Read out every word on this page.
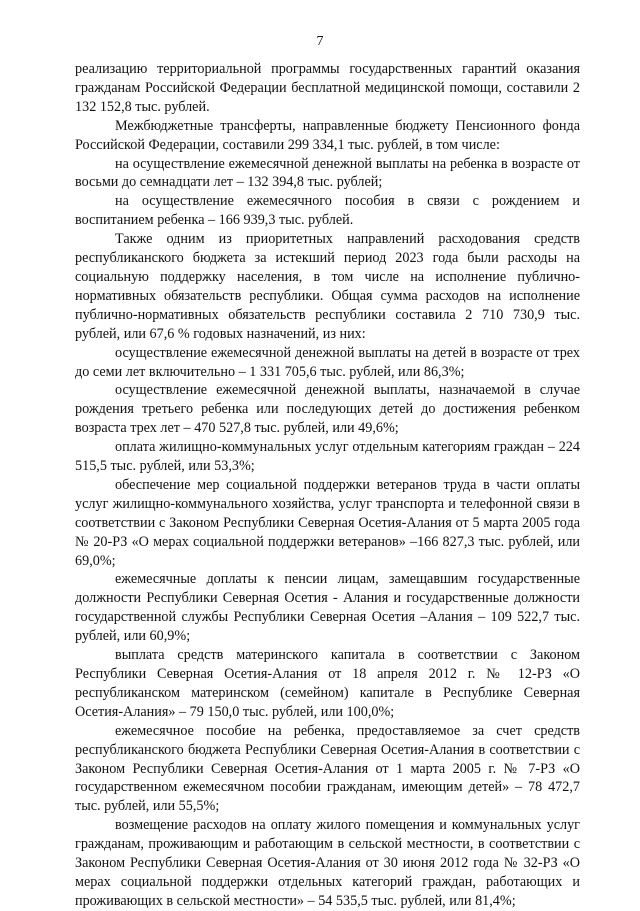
7

реализацию территориальной программы государственных гарантий оказания гражданам Российской Федерации бесплатной медицинской помощи, составили 2 132 152,8 тыс. рублей.

Межбюджетные трансферты, направленные бюджету Пенсионного фонда Российской Федерации, составили 299 334,1 тыс. рублей, в том числе:

на осуществление ежемесячной денежной выплаты на ребенка в возрасте от восьми до семнадцати лет – 132 394,8 тыс. рублей;

на осуществление ежемесячного пособия в связи с рождением и воспитанием ребенка – 166 939,3 тыс. рублей.

Также одним из приоритетных направлений расходования средств республиканского бюджета за истекший период 2023 года были расходы на социальную поддержку населения, в том числе на исполнение публично-нормативных обязательств республики. Общая сумма расходов на исполнение публично-нормативных обязательств республики составила 2 710 730,9 тыс. рублей, или 67,6 % годовых назначений, из них:

осуществление ежемесячной денежной выплаты на детей в возрасте от трех до семи лет включительно – 1 331 705,6 тыс. рублей, или 86,3%;

осуществление ежемесячной денежной выплаты, назначаемой в случае рождения третьего ребенка или последующих детей до достижения ребенком возраста трех лет – 470 527,8 тыс. рублей, или 49,6%;

оплата жилищно-коммунальных услуг отдельным категориям граждан – 224 515,5 тыс. рублей, или 53,3%;

обеспечение мер социальной поддержки ветеранов труда в части оплаты услуг жилищно-коммунального хозяйства, услуг транспорта и телефонной связи в соответствии с Законом Республики Северная Осетия-Алания от 5 марта 2005 года № 20-РЗ «О мерах социальной поддержки ветеранов» –166 827,3 тыс. рублей, или 69,0%;

ежемесячные доплаты к пенсии лицам, замещавшим государственные должности Республики Северная Осетия - Алания и государственные должности государственной службы Республики Северная Осетия –Алания – 109 522,7 тыс. рублей, или 60,9%;

выплата средств материнского капитала в соответствии с Законом Республики Северная Осетия-Алания от 18 апреля 2012 г. № 12-РЗ «О республиканском материнском (семейном) капитале в Республике Северная Осетия-Алания» – 79 150,0 тыс. рублей, или 100,0%;

ежемесячное пособие на ребенка, предоставляемое за счет средств республиканского бюджета Республики Северная Осетия-Алания в соответствии с Законом Республики Северная Осетия-Алания от 1 марта 2005 г. № 7-РЗ «О государственном ежемесячном пособии гражданам, имеющим детей» – 78 472,7 тыс. рублей, или 55,5%;

возмещение расходов на оплату жилого помещения и коммунальных услуг гражданам, проживающим и работающим в сельской местности, в соответствии с Законом Республики Северная Осетия-Алания от 30 июня 2012 года № 32-РЗ «О мерах социальной поддержки отдельных категорий граждан, работающих и проживающих в сельской местности» – 54 535,5 тыс. рублей, или 81,4%;
